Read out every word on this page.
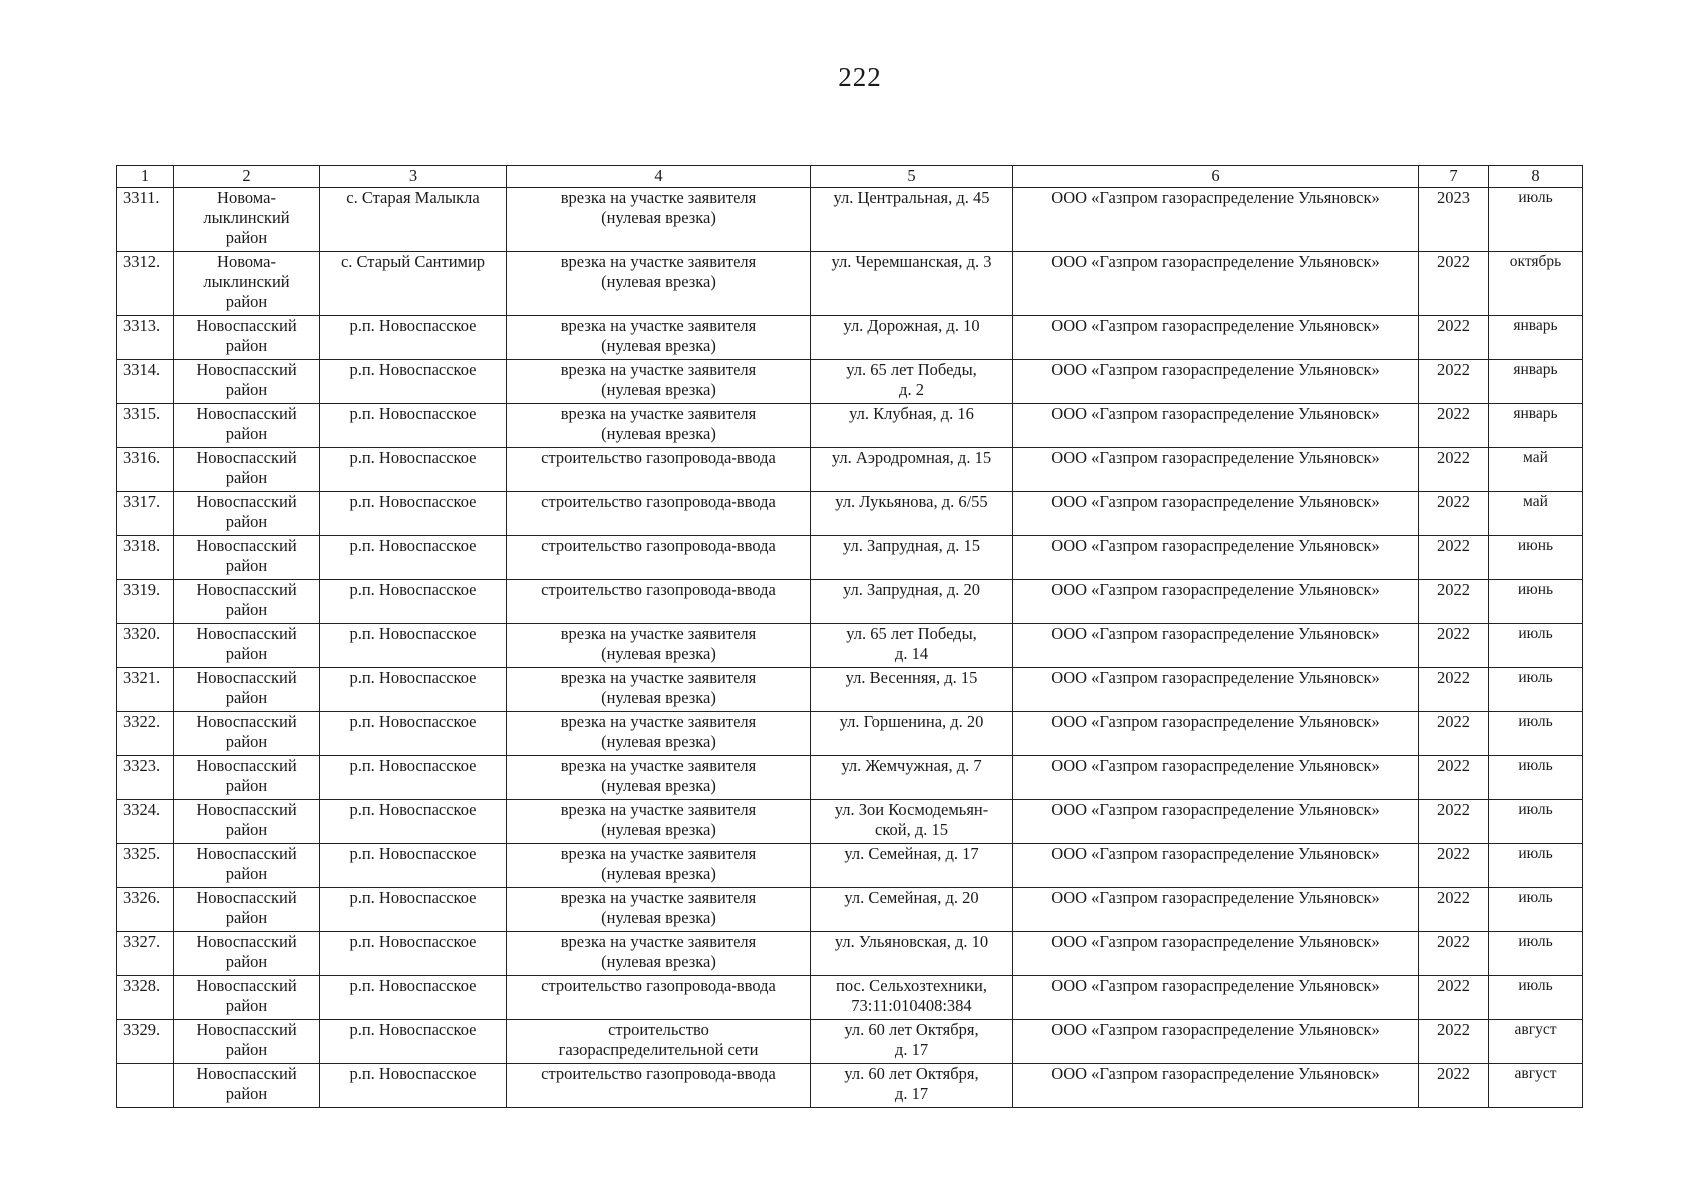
222
1	2	3	4	5	6	7	8
3311.	Новома-
лыклинский
район	с. Старая Малыкла	врезка на участке заявителя
(нулевая врезка)	ул. Центральная, д. 45	ООО «Газпром газораспределение Ульяновск»	2023	июль
3312.	Новома-
лыклинский
район	с. Старый Сантимир	врезка на участке заявителя
(нулевая врезка)	ул. Черемшанская, д. 3	ООО «Газпром газораспределение Ульяновск»	2022	октябрь
3313.	Новоспасский
район	р.п. Новоспасское	врезка на участке заявителя
(нулевая врезка)	ул. Дорожная, д. 10	ООО «Газпром газораспределение Ульяновск»	2022	январь
3314.	Новоспасский
район	р.п. Новоспасское	врезка на участке заявителя
(нулевая врезка)	ул. 65 лет Победы,
д. 2	ООО «Газпром газораспределение Ульяновск»	2022	январь
3315.	Новоспасский
район	р.п. Новоспасское	врезка на участке заявителя
(нулевая врезка)	ул. Клубная, д. 16	ООО «Газпром газораспределение Ульяновск»	2022	январь
3316.	Новоспасский
район	р.п. Новоспасское	строительство газопровода-ввода	ул. Аэродромная, д. 15	ООО «Газпром газораспределение Ульяновск»	2022	май
3317.	Новоспасский
район	р.п. Новоспасское	строительство газопровода-ввода	ул. Лукьянова, д. 6/55	ООО «Газпром газораспределение Ульяновск»	2022	май
3318.	Новоспасский
район	р.п. Новоспасское	строительство газопровода-ввода	ул. Запрудная, д. 15	ООО «Газпром газораспределение Ульяновск»	2022	июнь
3319.	Новоспасский
район	р.п. Новоспасское	строительство газопровода-ввода	ул. Запрудная, д. 20	ООО «Газпром газораспределение Ульяновск»	2022	июнь
3320.	Новоспасский
район	р.п. Новоспасское	врезка на участке заявителя
(нулевая врезка)	ул. 65 лет Победы,
д. 14	ООО «Газпром газораспределение Ульяновск»	2022	июль
3321.	Новоспасский
район	р.п. Новоспасское	врезка на участке заявителя
(нулевая врезка)	ул. Весенняя, д. 15	ООО «Газпром газораспределение Ульяновск»	2022	июль
3322.	Новоспасский
район	р.п. Новоспасское	врезка на участке заявителя
(нулевая врезка)	ул. Горшенина, д. 20	ООО «Газпром газораспределение Ульяновск»	2022	июль
3323.	Новоспасский
район	р.п. Новоспасское	врезка на участке заявителя
(нулевая врезка)	ул. Жемчужная, д. 7	ООО «Газпром газораспределение Ульяновск»	2022	июль
3324.	Новоспасский
район	р.п. Новоспасское	врезка на участке заявителя
(нулевая врезка)	ул. Зои Космодемьян-
ской, д. 15	ООО «Газпром газораспределение Ульяновск»	2022	июль
3325.	Новоспасский
район	р.п. Новоспасское	врезка на участке заявителя
(нулевая врезка)	ул. Семейная, д. 17	ООО «Газпром газораспределение Ульяновск»	2022	июль
3326.	Новоспасский
район	р.п. Новоспасское	врезка на участке заявителя
(нулевая врезка)	ул. Семейная, д. 20	ООО «Газпром газораспределение Ульяновск»	2022	июль
3327.	Новоспасский
район	р.п. Новоспасское	врезка на участке заявителя
(нулевая врезка)	ул. Ульяновская, д. 10	ООО «Газпром газораспределение Ульяновск»	2022	июль
3328.	Новоспасский
район	р.п. Новоспасское	строительство газопровода-ввода	пос. Сельхозтехники,
73:11:010408:384	ООО «Газпром газораспределение Ульяновск»	2022	июль
3329.	Новоспасский
район	р.п. Новоспасское	строительство
газораспределительной сети	ул. 60 лет Октября,
д. 17	ООО «Газпром газораспределение Ульяновск»	2022	август
	Новоспасский
район	р.п. Новоспасское	строительство газопровода-ввода	ул. 60 лет Октября,
д. 17	ООО «Газпром газораспределение Ульяновск»	2022	август
